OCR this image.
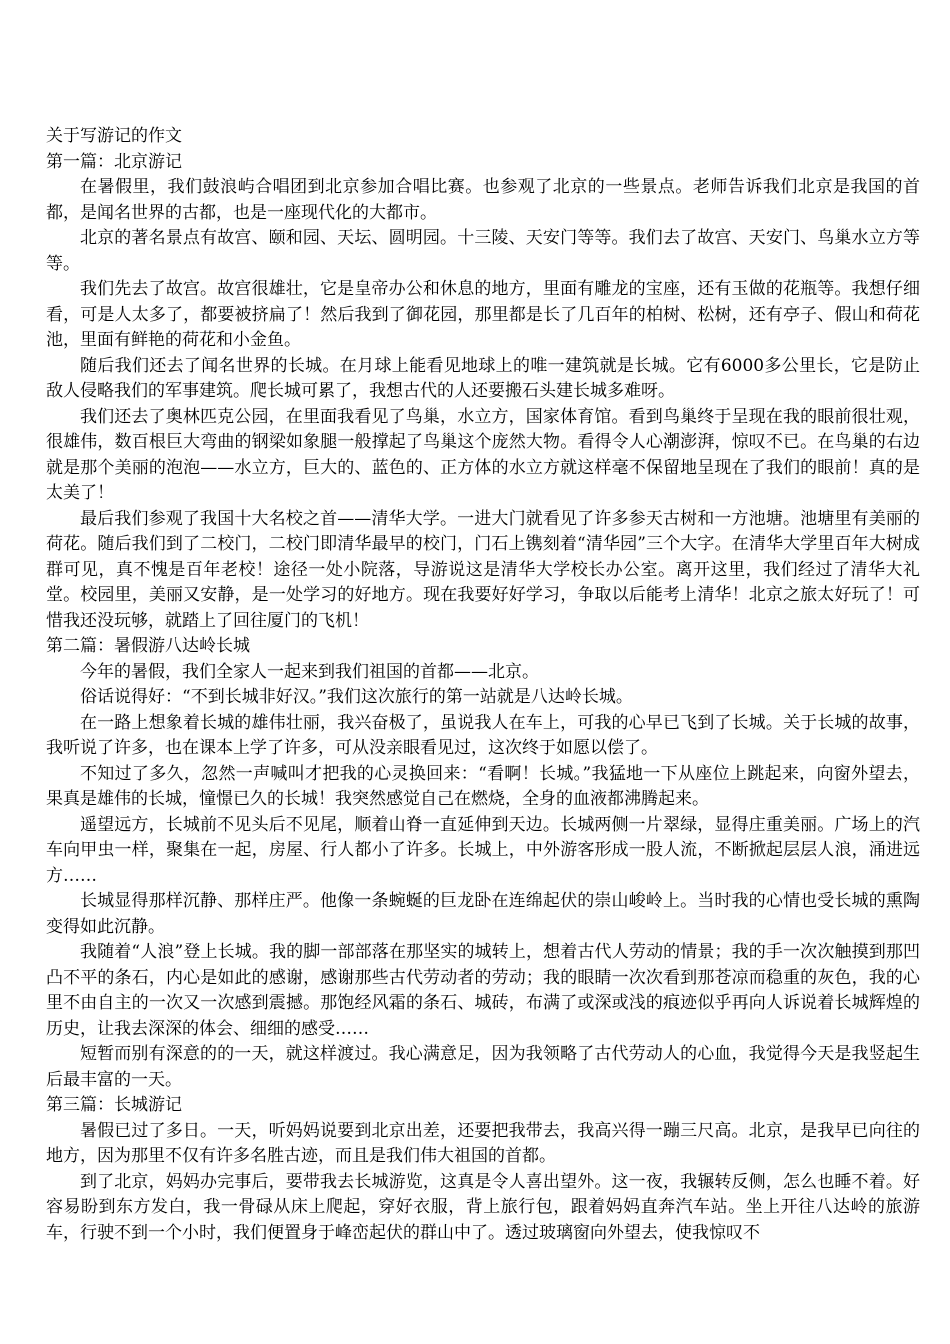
关于写游记的作文
第一篇：北京游记

在暑假里，我们鼓浪屿合唱团到北京参加合唱比赛。也参观了北京的一些景点。老师告诉我们北京是我国的首都，是闻名世界的古都，也是一座现代化的大都市。

北京的著名景点有故宫、颐和园、天坛、圆明园。十三陵、天安门等等。我们去了故宫、天安门、鸟巢水立方等等。

我们先去了故宫。故宫很雄壮，它是皇帝办公和休息的地方，里面有雕龙的宝座，还有玉做的花瓶等。我想仔细看，可是人太多了，都要被挤扁了！然后我到了御花园，那里都是长了几百年的柏树、松树，还有亭子、假山和荷花池，里面有鲜艳的荷花和小金鱼。

随后我们还去了闻名世界的长城。在月球上能看见地球上的唯一建筑就是长城。它有6000多公里长，它是防止敌人侵略我们的军事建筑。爬长城可累了，我想古代的人还要搬石头建长城多难呀。

我们还去了奥林匹克公园，在里面我看见了鸟巢，水立方，国家体育馆。看到鸟巢终于呈现在我的眼前很壮观，很雄伟，数百根巨大弯曲的钢梁如象腿一般撑起了鸟巢这个庞然大物。看得令人心潮澎湃，惊叹不已。在鸟巢的右边就是那个美丽的泡泡——水立方，巨大的、蓝色的、正方体的水立方就这样毫不保留地呈现在了我们的眼前！真的是太美了！

最后我们参观了我国十大名校之首——清华大学。一进大门就看见了许多参天古树和一方池塘。池塘里有美丽的荷花。随后我们到了二校门，二校门即清华最早的校门，门石上镌刻着“清华园”三个大字。在清华大学里百年大树成群可见，真不愧是百年老校！途径一处小院落，导游说这是清华大学校长办公室。离开这里，我们经过了清华大礼堂。校园里，美丽又安静，是一处学习的好地方。现在我要好好学习，争取以后能考上清华！北京之旅太好玩了！可惜我还没玩够，就踏上了回往厦门的飞机！

第二篇：暑假游八达岭长城

今年的暑假，我们全家人一起来到我们祖国的首都——北京。

俗话说得好：“不到长城非好汉。”我们这次旅行的第一站就是八达岭长城。

在一路上想象着长城的雄伟壮丽，我兴奋极了，虽说我人在车上，可我的心早已飞到了长城。关于长城的故事，我听说了许多，也在课本上学了许多，可从没亲眼看见过，这次终于如愿以偿了。

不知过了多久，忽然一声喊叫才把我的心灵换回来：“看啊！长城。”我猛地一下从座位上跳起来，向窗外望去，果真是雄伟的长城，憧憬已久的长城！我突然感觉自己在燃烧，全身的血液都沸腾起来。

遥望远方，长城前不见头后不见尾，顺着山脊一直延伸到天边。长城两侧一片翠绿，显得庄重美丽。广场上的汽车向甲虫一样，聚集在一起，房屋、行人都小了许多。长城上，中外游客形成一股人流，不断掀起层层人浪，涌进远方……

长城显得那样沉静、那样庄严。他像一条蜿蜒的巨龙卧在连绵起伏的崇山峻岭上。当时我的心情也受长城的熏陶变得如此沉静。

我随着“人浪”登上长城。我的脚一部部落在那坚实的城转上，想着古代人劳动的情景；我的手一次次触摸到那凹凸不平的条石，内心是如此的感谢，感谢那些古代劳动者的劳动；我的眼睛一次次看到那苍凉而稳重的灰色，我的心里不由自主的一次又一次感到震撼。那饱经风霜的条石、城砖，布满了或深或浅的痕迹似乎再向人诉说着长城辉煌的历史，让我去深深的体会、细细的感受……

短暂而别有深意的的一天，就这样渡过。我心满意足，因为我领略了古代劳动人的心血，我觉得今天是我竖起生后最丰富的一天。

第三篇：长城游记

暑假已过了多日。一天，听妈妈说要到北京出差，还要把我带去，我高兴得一蹦三尺高。北京，是我早已向往的地方，因为那里不仅有许多名胜古迹，而且是我们伟大祖国的首都。

到了北京，妈妈办完事后，要带我去长城游览，这真是令人喜出望外。这一夜，我辗转反侧，怎么也睡不着。好容易盼到东方发白，我一骨碌从床上爬起，穿好衣服，背上旅行包，跟着妈妈直奔汽车站。坐上开往八达岭的旅游车，行驶不到一个小时，我们便置身于峰峦起伏的群山中了。透过玻璃窗向外望去，使我惊叹不
